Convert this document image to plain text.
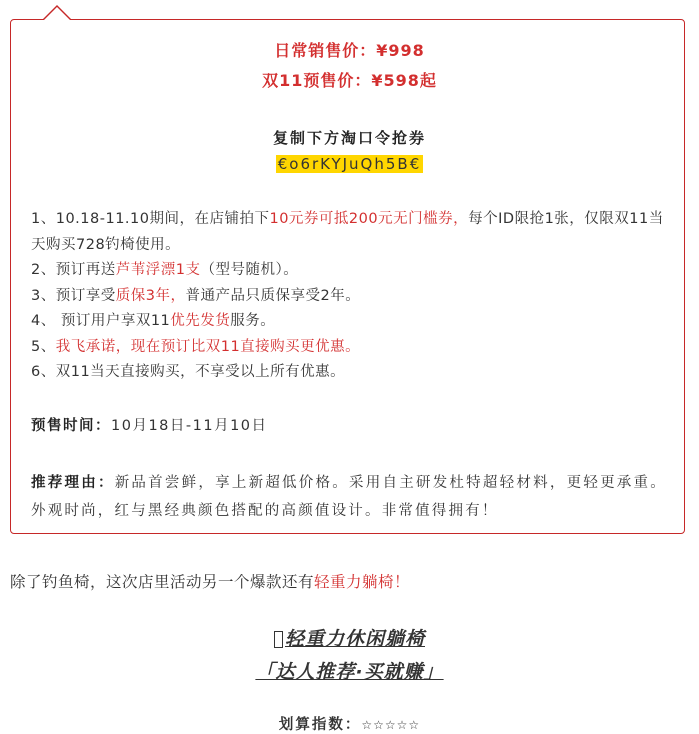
日常销售价：¥998
双11预售价：¥598起
复制下方淘口令抢券
€o6rKYJuQh5B€
1、10.18-11.10期间，在店铺拍下10元券可抵200元无门槛券，每个ID限抢1张，仅限双11当天购买728钓椅使用。
2、预订再送芦苇浮漂1支（型号随机）。
3、预订享受质保3年，普通产品只质保享受2年。
4、 预订用户享双11优先发货服务。
5、我飞承诺，现在预订比双11直接购买更优惠。
6、双11当天直接购买，不享受以上所有优惠。
预售时间：10月18日-11月10日
推荐理由：新品首尝鲜，享上新超低价格。采用自主研发杜特超轻材料，更轻更承重。外观时尚，红与黑经典颜色搭配的高颜值设计。非常值得拥有！
除了钓鱼椅，这次店里活动另一个爆款还有轻重力躺椅！
轻重力休闲躺椅
「达人推荐·买就赚」
划算指数：☆☆☆☆☆
